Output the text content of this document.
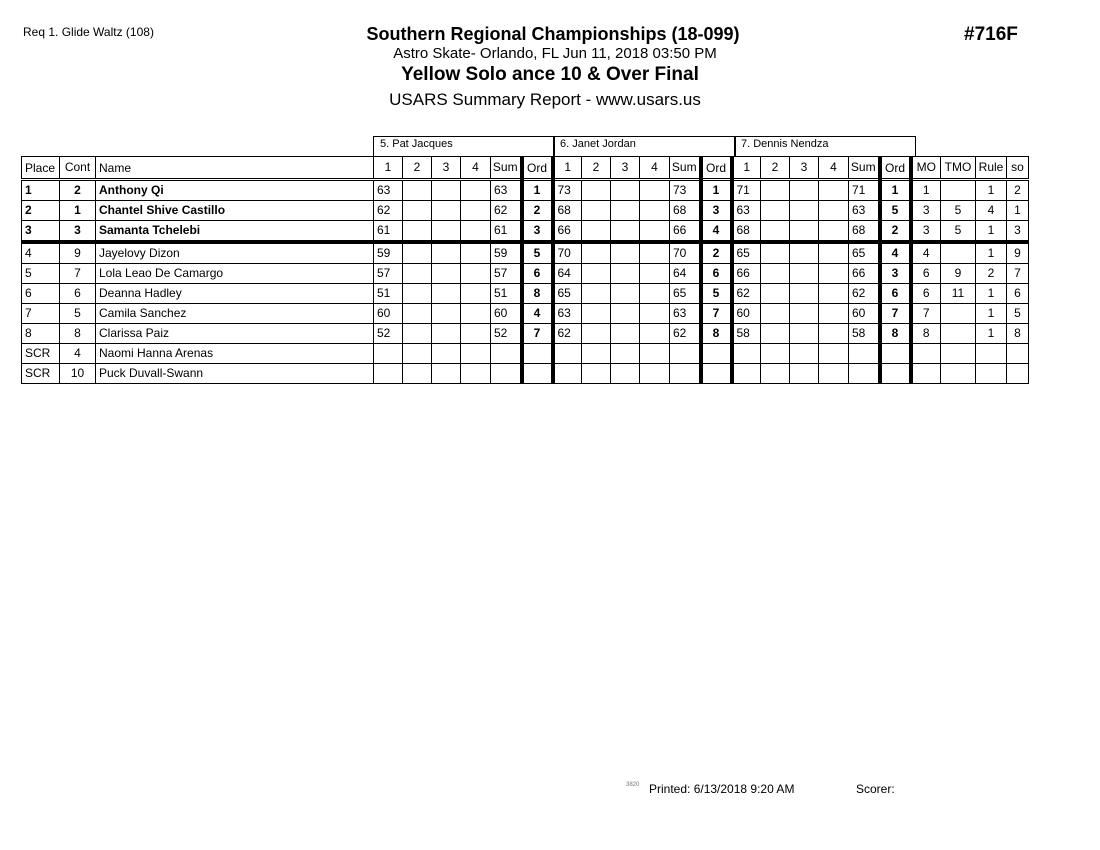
Req 1. Glide Waltz (108)	Southern Regional Championships (18-099)
Astro Skate- Orlando, FL Jun 11, 2018 03:50 PM
Yellow Solo ance 10 & Over Final
USARS Summary Report - www.usars.us
#716F
5. Pat Jacques	6. Janet Jordan	7. Dennis Nendza
Place	Cont	Name	1	2	3	4	Sum	Ord	1	2	3	4	Sum	Ord	1	2	3	4	Sum	Ord	MO	TMO	Rule	so
1	2	Anthony Qi	63				63	1	73				73	1	71				71	1	1		1	2
2	1	Chantel Shive Castillo	62				62	2	68				68	3	63				63	5	3	5	4	1
3	3	Samanta Tchelebi	61				61	3	66				66	4	68				68	2	3	5	1	3
4	9	Jayelovy Dizon	59				59	5	70				70	2	65				65	4	4		1	9
5	7	Lola Leao De Camargo	57				57	6	64				64	6	66				66	3	6	9	2	7
6	6	Deanna Hadley	51				51	8	65				65	5	62				62	6	6	11	1	6
7	5	Camila Sanchez	60				60	4	63				63	7	60				60	7	7		1	5
8	8	Clarissa Paiz	52				52	7	62				62	8	58				58	8	8		1	8
SCR	4	Naomi Hanna Arenas																						
SCR	10	Puck Duvall-Swann																						
3820 Printed: 6/13/2018 9:20 AM	Scorer:
